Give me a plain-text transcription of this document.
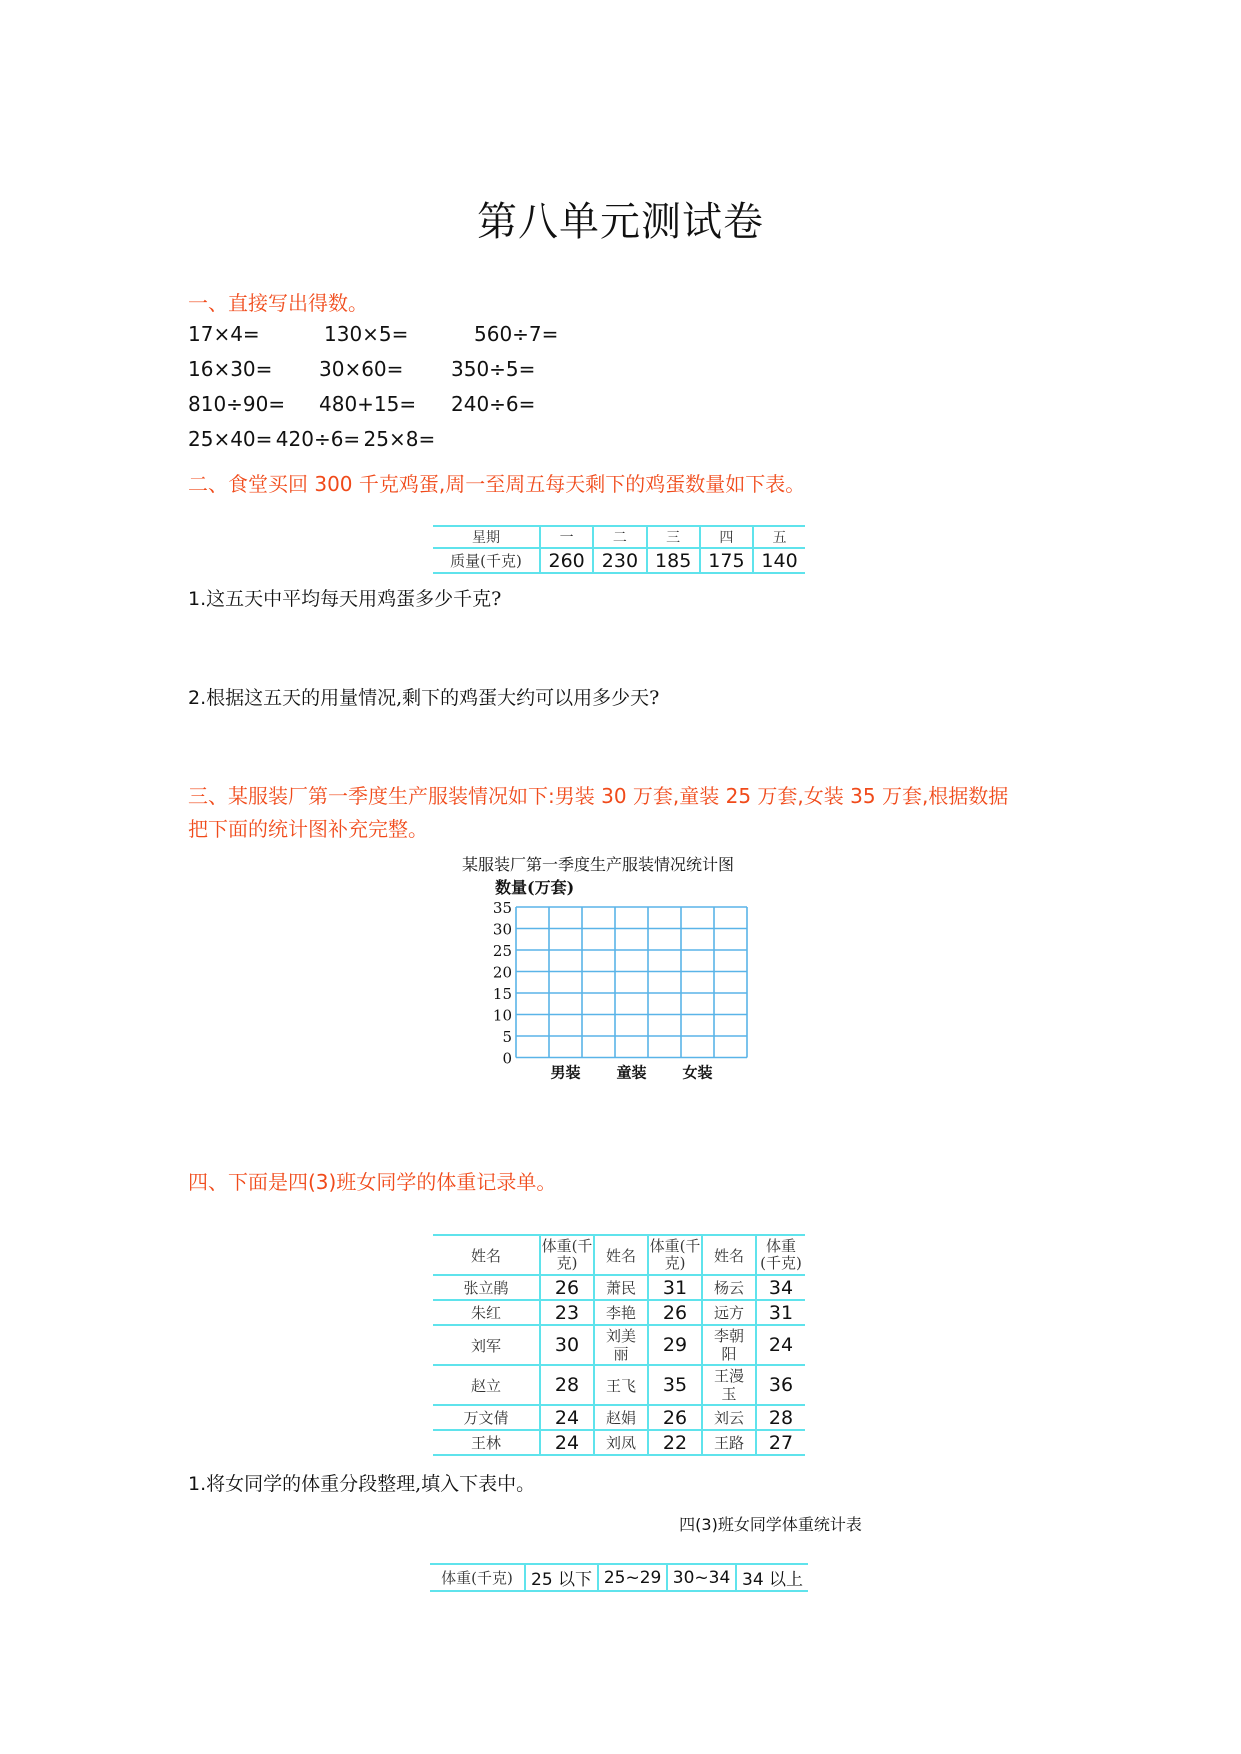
第八单元测试卷
一、直接写出得数。
17×4=	130×5=	560÷7=
16×30= 30×60= 350÷5=
810÷90= 480+15= 240÷6=
25×40= 420÷6= 25×8=
二、食堂买回 300 千克鸡蛋,周一至周五每天剩下的鸡蛋数量如下表。
星期	一	二	三	四	五
质量(千克)	260	230	185	175	140
1.这五天中平均每天用鸡蛋多少千克?
2.根据这五天的用量情况,剩下的鸡蛋大约可以用多少天?
三、某服装厂第一季度生产服装情况如下:男装 30 万套,童装 25 万套,女装 35 万套,根据数据
把下面的统计图补充完整。
某服装厂第一季度生产服装情况统计图
数量(万套)
0
5
10
15
20
25
30
35
男装 童装 女装
四、下面是四(3)班女同学的体重记录单。
姓名	体重(千克)	姓名	体重(千克)	姓名	体重(千克)
张立鹃	26	萧民	31	杨云	34
朱红	23	李艳	26	远方	31
刘军	30	刘美丽	29	李朝阳	24
赵立	28	王飞	35	王漫玉	36
万文倩	24	赵娟	26	刘云	28
王林	24	刘凤	22	王路	27
1.将女同学的体重分段整理,填入下表中。
四(3)班女同学体重统计表
体重(千克)	25 以下	25~29	30~34	34 以上
